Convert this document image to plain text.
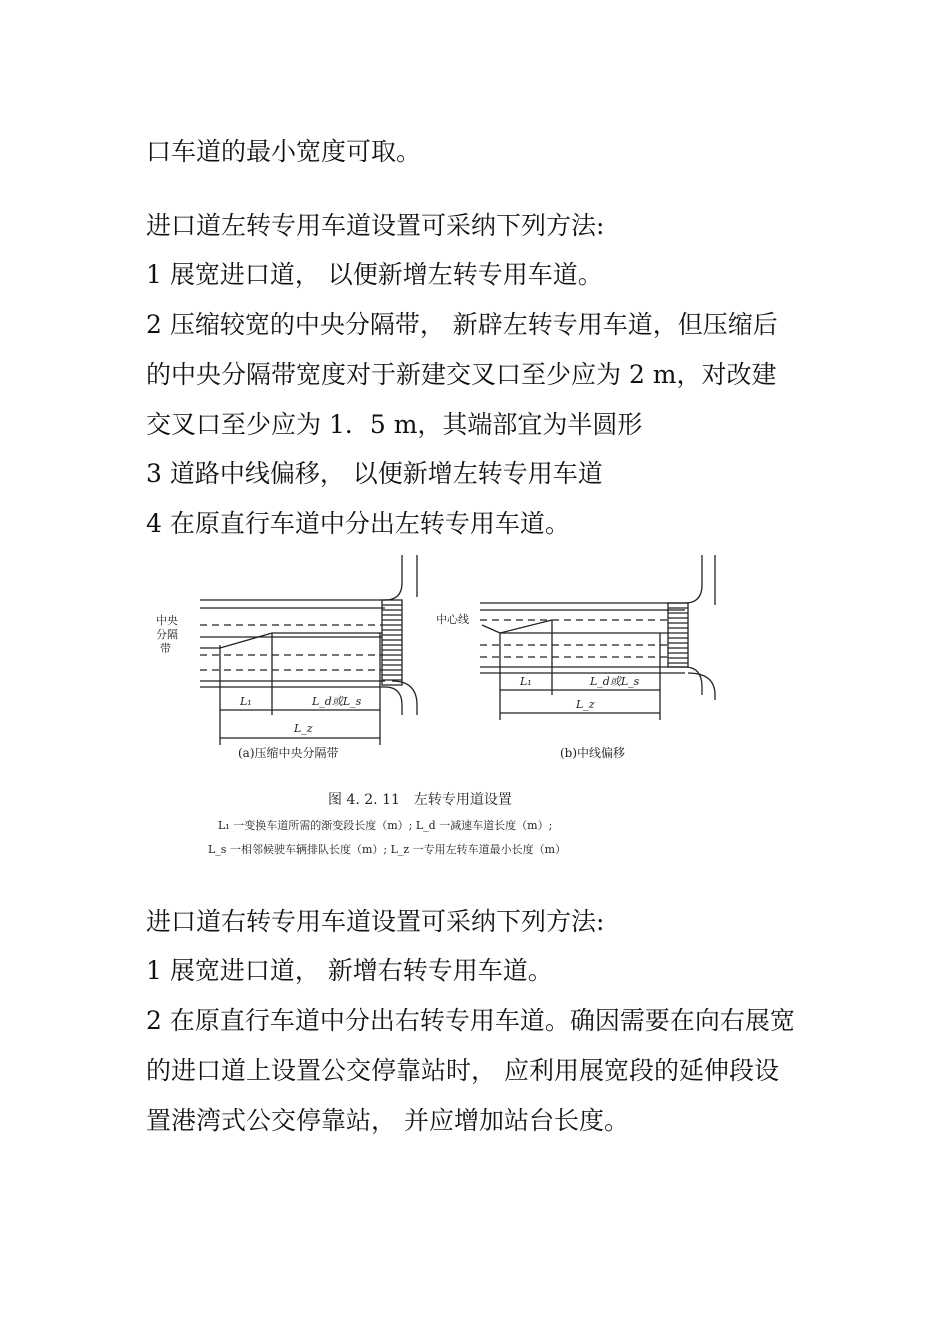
口车道的最小宽度可取。
进口道左转专用车道设置可采纳下列方法:
1 展宽进口道， 以便新增左转专用车道。
2 压缩较宽的中央分隔带， 新辟左转专用车道，但压缩后
的中央分隔带宽度对于新建交叉口至少应为 2 m，对改建
交叉口至少应为 1．5 m，其端部宜为半圆形
3 道路中线偏移， 以便新增左转专用车道
4 在原直行车道中分出左转专用车道。
中央
分隔
带
L₁	L_d或L_s
L_z
(a)压缩中央分隔带
中心线
L₁	L_d或L_s
L_z
(b)中线偏移
图 4. 2. 11　左转专用道设置
L₁ 一变换车道所需的渐变段长度（m）; L_d 一减速车道长度（m）;
L_s 一相邻候驶车辆排队长度（m）; L_z 一专用左转车道最小长度（m）
进口道右转专用车道设置可采纳下列方法:
1 展宽进口道， 新增右转专用车道。
2 在原直行车道中分出右转专用车道。确因需要在向右展宽
的进口道上设置公交停靠站时， 应利用展宽段的延伸段设
置港湾式公交停靠站， 并应增加站台长度。
